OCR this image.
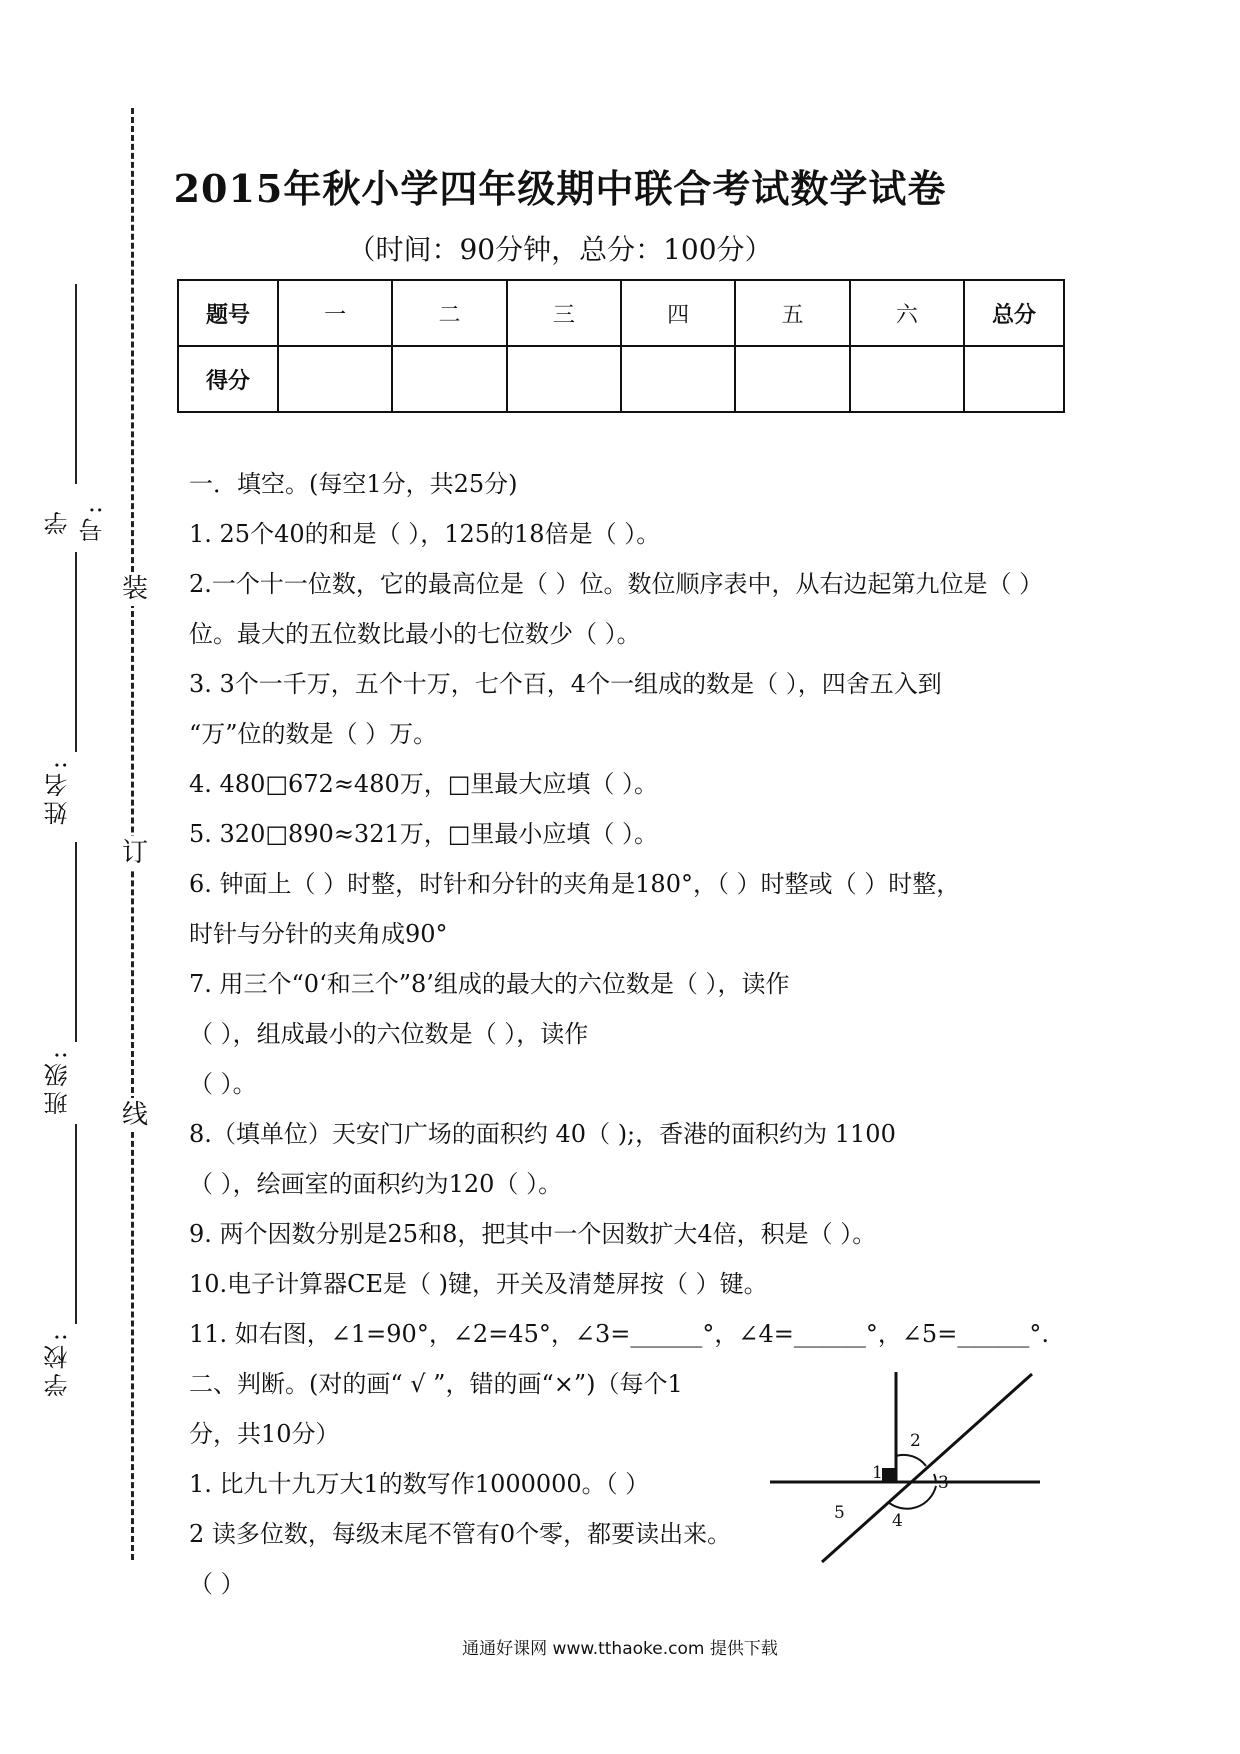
装
订
线
学号:
姓名:
班级:
学校:
2015年秋小学四年级期中联合考试数学试卷
（时间：90分钟，总分：100分）
题号	一	二	三	四	五	六	总分
得分							
一．填空。(每空1分，共25分)
1. 25个40的和是（ ），125的18倍是（ ）。
2.一个十一位数，它的最高位是（ ）位。数位顺序表中，从右边起第九位是（ ）
位。最大的五位数比最小的七位数少（ ）。
3. 3个一千万，五个十万，七个百，4个一组成的数是（ ），四舍五入到
“万”位的数是（ ）万。
4. 480□672≈480万，□里最大应填（ ）。
5. 320□890≈321万，□里最小应填（ ）。
6. 钟面上（ ）时整，时针和分针的夹角是180°，（ ）时整或（ ）时整，
时针与分针的夹角成90°
7. 用三个“0‘和三个”8’组成的最大的六位数是（ ），读作
（ ），组成最小的六位数是（ ），读作
（ ）。
8.（填单位）天安门广场的面积约 40（ );，香港的面积约为 1100
（ ），绘画室的面积约为120（ ）。
9. 两个因数分别是25和8，把其中一个因数扩大4倍，积是（ ）。
10.电子计算器CE是（ )键，开关及清楚屏按（ ）键。
11. 如右图，∠1=90°，∠2=45°，∠3=______°，∠4=______°，∠5=______°.
二、判断。(对的画“ √ ”，错的画“×”)（每个1
分，共10分）
1. 比九十九万大1的数写作1000000。（ ）
2 读多位数，每级末尾不管有0个零，都要读出来。
（ ）
1
2
3
4
5
通通好课网 www.tthaoke.com 提供下载
